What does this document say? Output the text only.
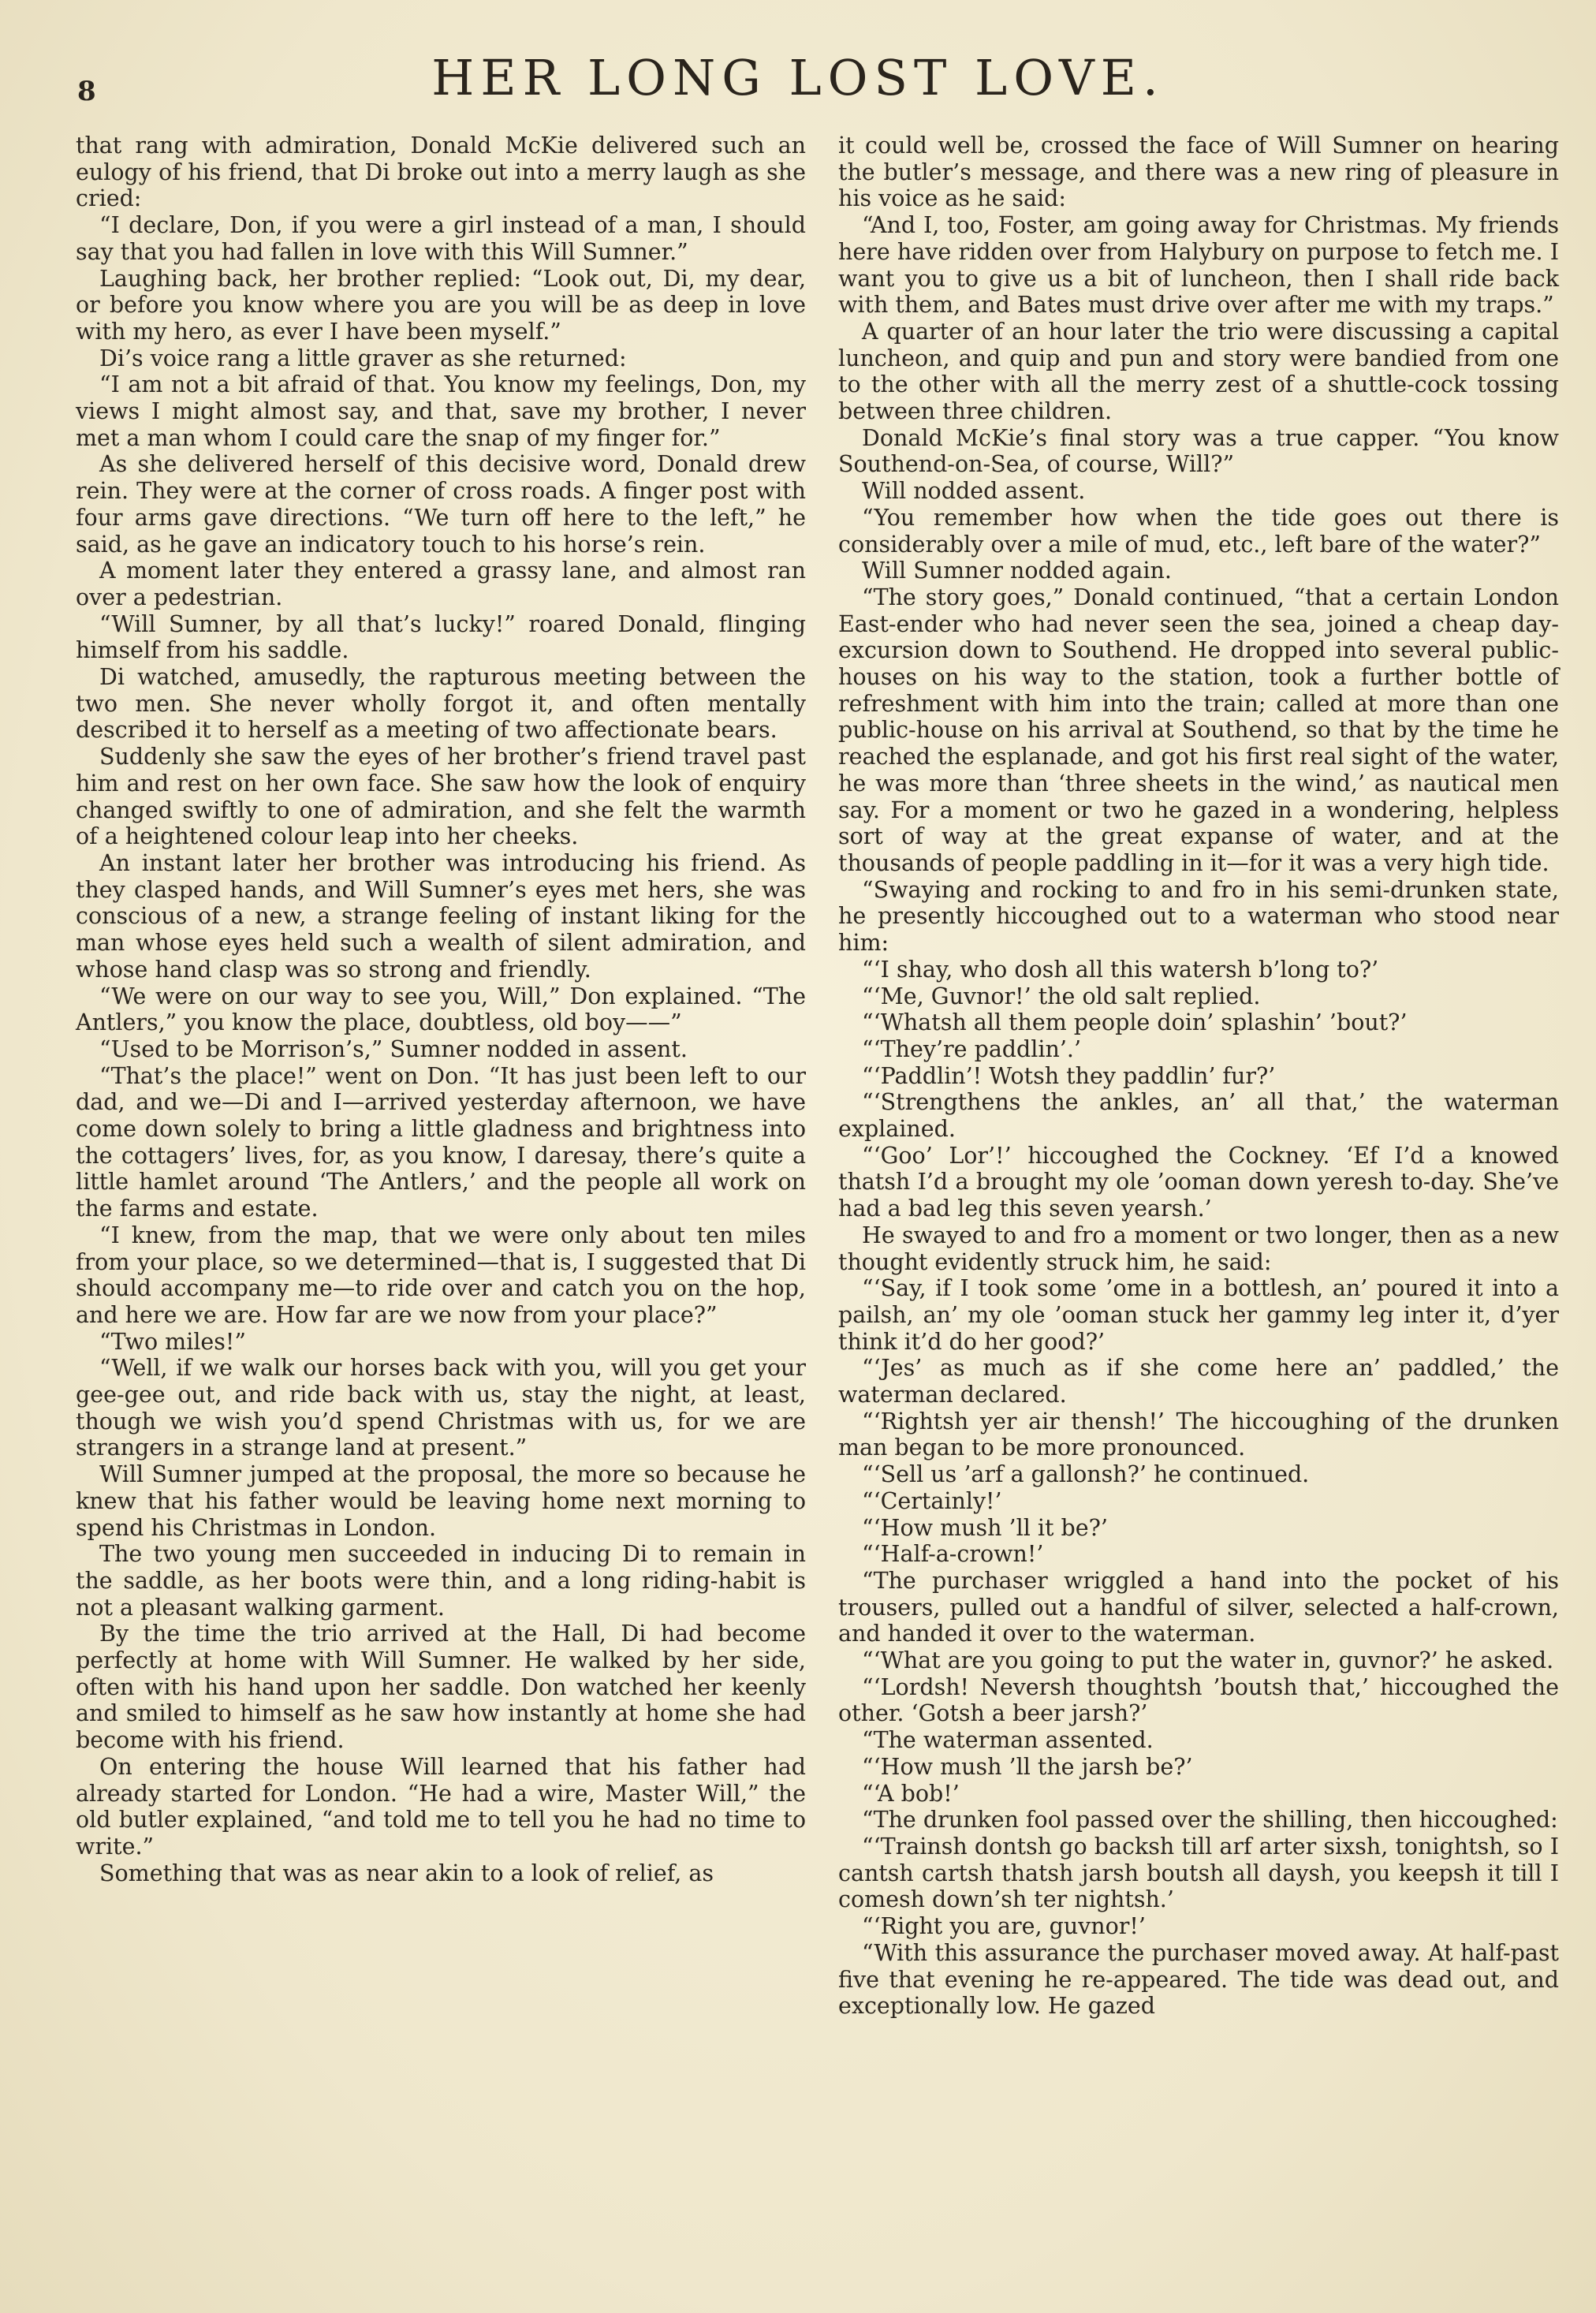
8	HER LONG LOST LOVE.

that rang with admiration, Donald McKie delivered such an eulogy of his friend, that Di broke out into a merry laugh as she cried:

“I declare, Don, if you were a girl instead of a man, I should say that you had fallen in love with this Will Sumner.”

Laughing back, her brother replied: “Look out, Di, my dear, or before you know where you are you will be as deep in love with my hero, as ever I have been myself.”

Di’s voice rang a little graver as she returned:

“I am not a bit afraid of that. You know my feelings, Don, my views I might almost say, and that, save my brother, I never met a man whom I could care the snap of my finger for.”

As she delivered herself of this decisive word, Donald drew rein. They were at the corner of cross roads. A finger post with four arms gave directions. “We turn off here to the left,” he said, as he gave an indicatory touch to his horse’s rein.

A moment later they entered a grassy lane, and almost ran over a pedestrian.

“Will Sumner, by all that’s lucky!” roared Donald, flinging himself from his saddle.

Di watched, amusedly, the rapturous meeting between the two men. She never wholly forgot it, and often mentally described it to herself as a meeting of two affectionate bears.

Suddenly she saw the eyes of her brother’s friend travel past him and rest on her own face. She saw how the look of enquiry changed swiftly to one of admiration, and she felt the warmth of a heightened colour leap into her cheeks.

An instant later her brother was introducing his friend. As they clasped hands, and Will Sumner’s eyes met hers, she was conscious of a new, a strange feeling of instant liking for the man whose eyes held such a wealth of silent admiration, and whose hand clasp was so strong and friendly.

“We were on our way to see you, Will,” Don explained. “The Antlers,” you know the place, doubtless, old boy——”

“Used to be Morrison’s,” Sumner nodded in assent.

“That’s the place!” went on Don. “It has just been left to our dad, and we—Di and I—arrived yesterday afternoon, we have come down solely to bring a little gladness and brightness into the cottagers’ lives, for, as you know, I daresay, there’s quite a little hamlet around ‘The Antlers,’ and the people all work on the farms and estate.

“I knew, from the map, that we were only about ten miles from your place, so we determined—that is, I suggested that Di should accompany me—to ride over and catch you on the hop, and here we are. How far are we now from your place?”

“Two miles!”

“Well, if we walk our horses back with you, will you get your gee-gee out, and ride back with us, stay the night, at least, though we wish you’d spend Christmas with us, for we are strangers in a strange land at present.”

Will Sumner jumped at the proposal, the more so because he knew that his father would be leaving home next morning to spend his Christmas in London.

The two young men succeeded in inducing Di to remain in the saddle, as her boots were thin, and a long riding-habit is not a pleasant walking garment.

By the time the trio arrived at the Hall, Di had become perfectly at home with Will Sumner. He walked by her side, often with his hand upon her saddle. Don watched her keenly and smiled to himself as he saw how instantly at home she had become with his friend.

On entering the house Will learned that his father had already started for London. “He had a wire, Master Will,” the old butler explained, “and told me to tell you he had no time to write.”

Something that was as near akin to a look of relief, as

it could well be, crossed the face of Will Sumner on hearing the butler’s message, and there was a new ring of pleasure in his voice as he said:

“And I, too, Foster, am going away for Christmas. My friends here have ridden over from Halybury on purpose to fetch me. I want you to give us a bit of luncheon, then I shall ride back with them, and Bates must drive over after me with my traps.”

A quarter of an hour later the trio were discussing a capital luncheon, and quip and pun and story were bandied from one to the other with all the merry zest of a shuttle-cock tossing between three children.

Donald McKie’s final story was a true capper. “You know Southend-on-Sea, of course, Will?”

Will nodded assent.

“You remember how when the tide goes out there is considerably over a mile of mud, etc., left bare of the water?”

Will Sumner nodded again.

“The story goes,” Donald continued, “that a certain London East-ender who had never seen the sea, joined a cheap day-excursion down to Southend. He dropped into several public-houses on his way to the station, took a further bottle of refreshment with him into the train; called at more than one public-house on his arrival at Southend, so that by the time he reached the esplanade, and got his first real sight of the water, he was more than ‘three sheets in the wind,’ as nautical men say. For a moment or two he gazed in a wondering, helpless sort of way at the great expanse of water, and at the thousands of people paddling in it—for it was a very high tide.

“Swaying and rocking to and fro in his semi-drunken state, he presently hiccoughed out to a waterman who stood near him:

“‘I shay, who dosh all this watersh b’long to?’

“‘Me, Guvnor!’ the old salt replied.

“‘Whatsh all them people doin’ splashin’ ’bout?’

“‘They’re paddlin’.’

“‘Paddlin’! Wotsh they paddlin’ fur?’

“‘Strengthens the ankles, an’ all that,’ the waterman explained.

“‘Goo’ Lor’!’ hiccoughed the Cockney. ‘Ef I’d a knowed thatsh I’d a brought my ole ’ooman down yeresh to-day. She’ve had a bad leg this seven yearsh.’

He swayed to and fro a moment or two longer, then as a new thought evidently struck him, he said:

“‘Say, if I took some ’ome in a bottlesh, an’ poured it into a pailsh, an’ my ole ’ooman stuck her gammy leg inter it, d’yer think it’d do her good?’

“‘Jes’ as much as if she come here an’ paddled,’ the waterman declared.

“‘Rightsh yer air thensh!’ The hiccoughing of the drunken man began to be more pronounced.

“‘Sell us ’arf a gallonsh?’ he continued.

“‘Certainly!’

“‘How mush ’ll it be?’

“‘Half-a-crown!’

“The purchaser wriggled a hand into the pocket of his trousers, pulled out a handful of silver, selected a half-crown, and handed it over to the waterman.

“‘What are you going to put the water in, guvnor?’ he asked.

“‘Lordsh! Neversh thoughtsh ’boutsh that,’ hiccoughed the other. ‘Gotsh a beer jarsh?’

“The waterman assented.

“‘How mush ’ll the jarsh be?’

“‘A bob!’

“The drunken fool passed over the shilling, then hiccoughed:

“‘Trainsh dontsh go backsh till arf arter sixsh, tonightsh, so I cantsh cartsh thatsh jarsh boutsh all daysh, you keepsh it till I comesh down’sh ter nightsh.’

“‘Right you are, guvnor!’

“With this assurance the purchaser moved away. At half-past five that evening he re-appeared. The tide was dead out, and exceptionally low. He gazed
